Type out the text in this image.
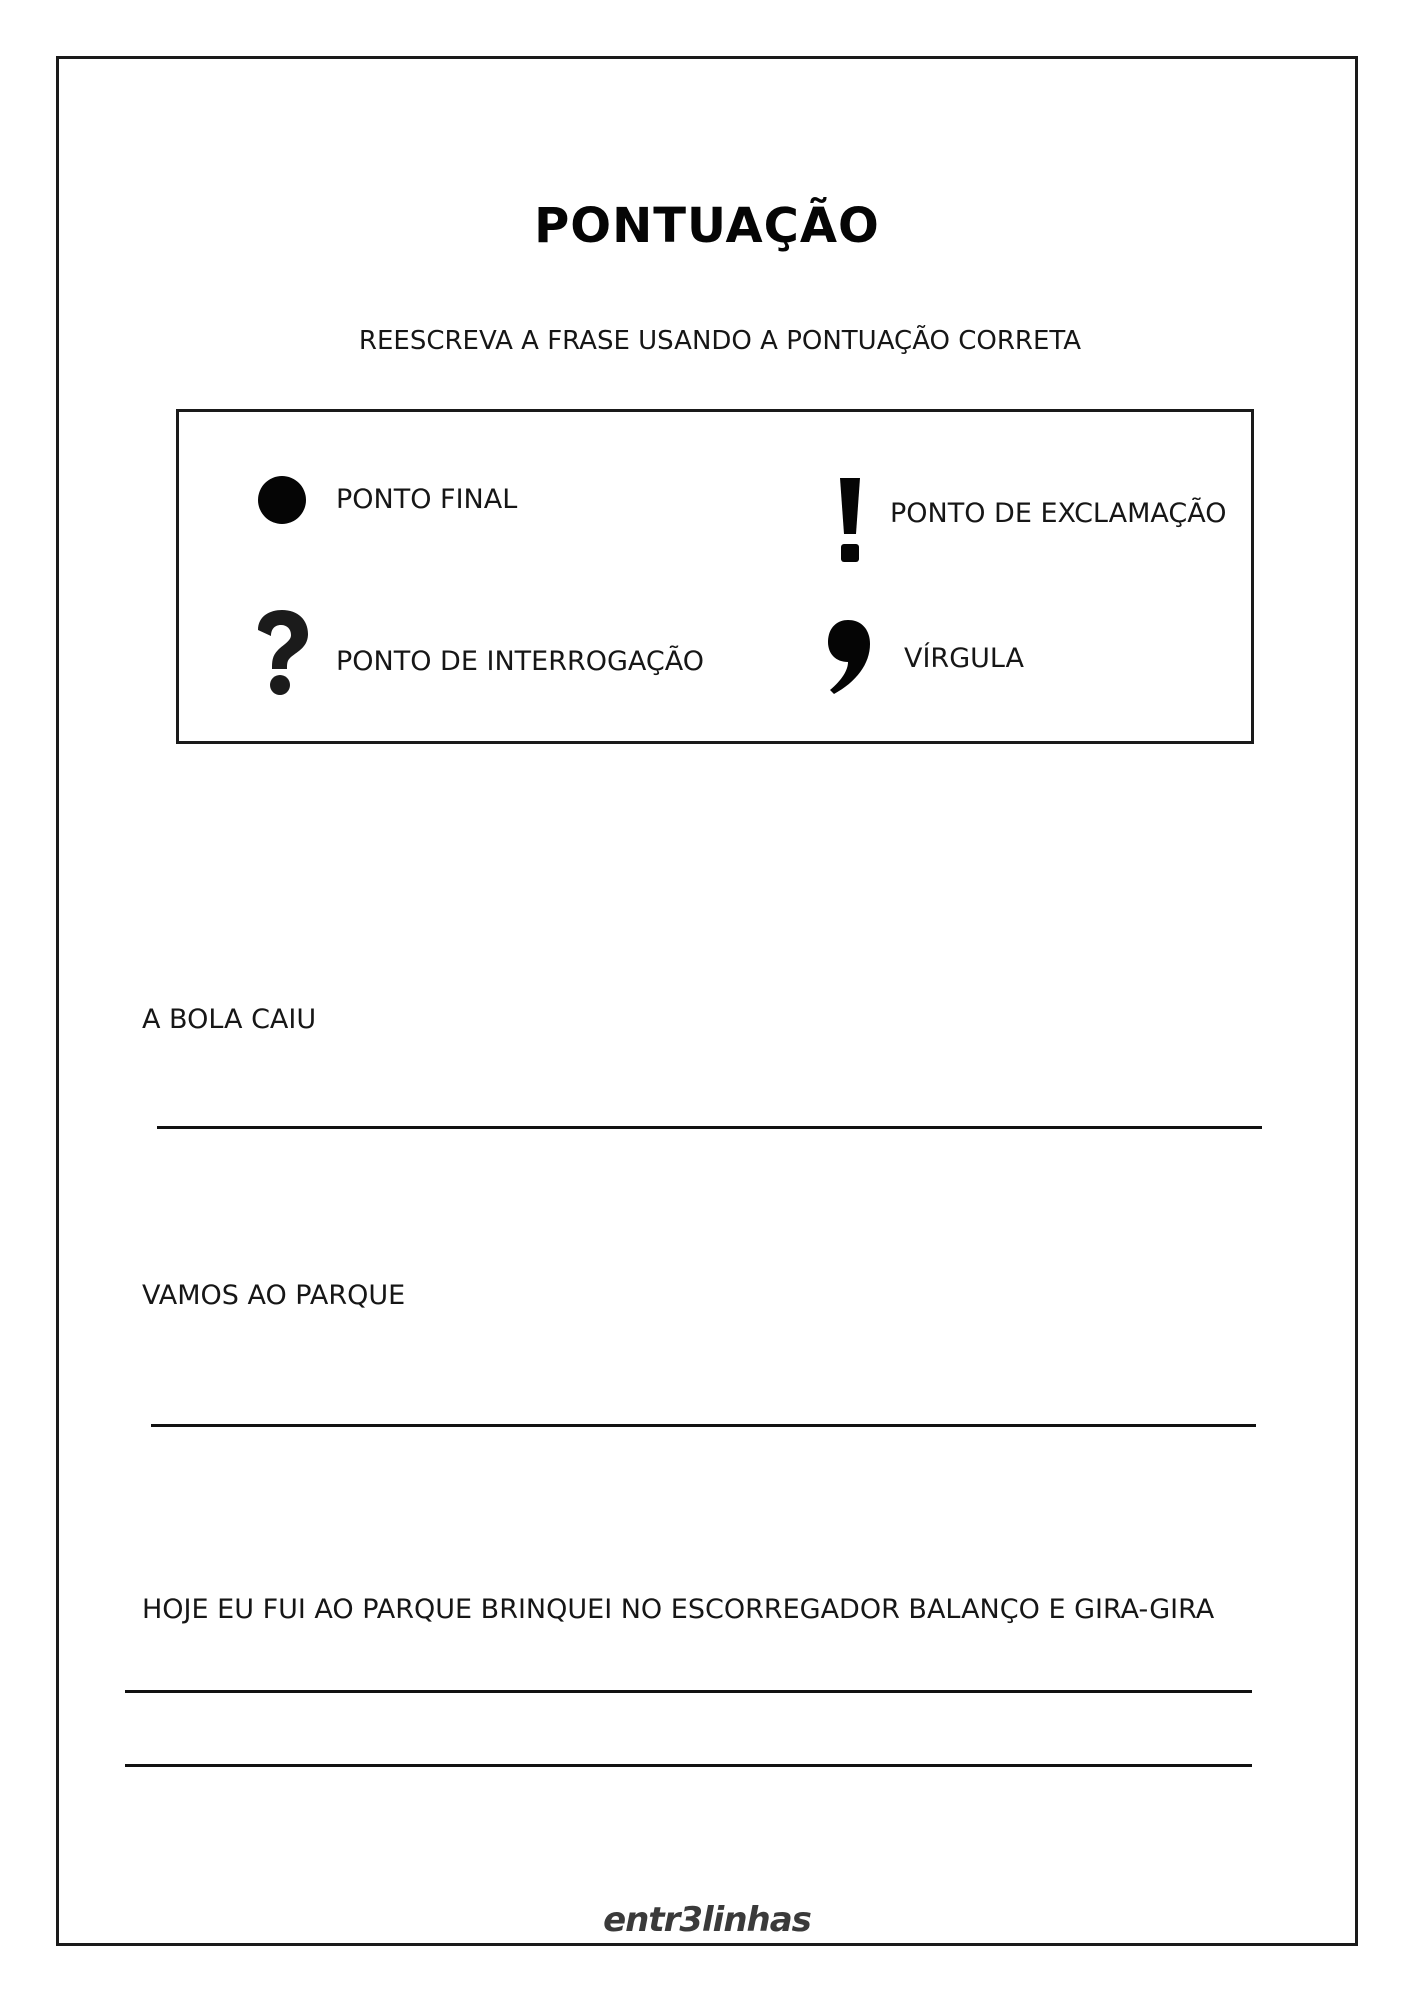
PONTUAÇÃO
REESCREVA A FRASE USANDO A PONTUAÇÃO CORRETA
PONTO FINAL	PONTO DE EXCLAMAÇÃO
PONTO DE INTERROGAÇÃO	VÍRGULA
A BOLA CAIU
VAMOS AO PARQUE
HOJE EU FUI AO PARQUE BRINQUEI NO ESCORREGADOR BALANÇO E GIRA-GIRA
entr3linhas
